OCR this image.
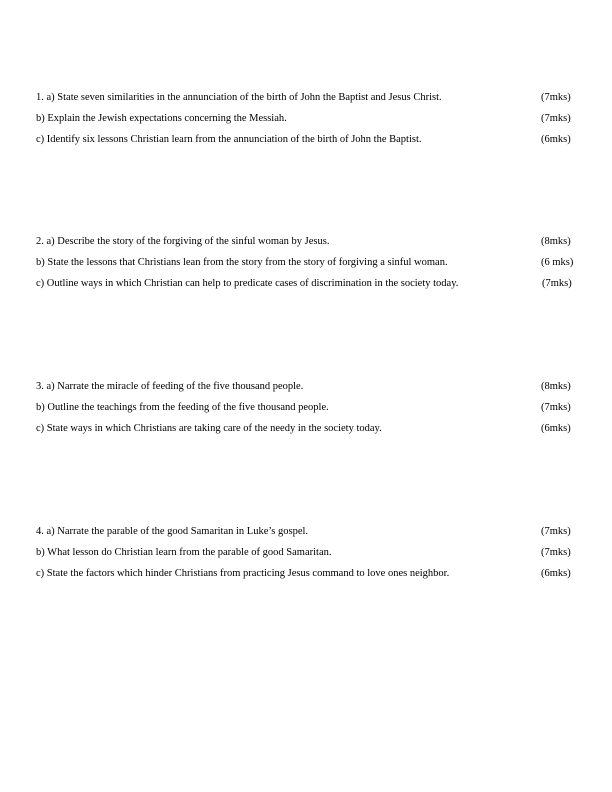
1. a) State seven similarities in the annunciation of the birth of John the Baptist and Jesus Christ.	(7mks)
b) Explain the Jewish expectations concerning the Messiah.	(7mks)
c) Identify six lessons Christian learn from the annunciation of the birth of John the Baptist.	(6mks)
2. a) Describe the story of the forgiving of the sinful woman by Jesus.	(8mks)
b) State the lessons that Christians lean from the story from the story of forgiving a sinful woman.	(6 mks)
c) Outline ways in which Christian can help to predicate cases of discrimination in the society today.	(7mks)
3. a) Narrate the miracle of feeding of the five thousand people.	(8mks)
b) Outline the teachings from the feeding of the five thousand people.	(7mks)
c) State ways in which Christians are taking care of the needy in the society today.	(6mks)
4. a) Narrate the parable of the good Samaritan in Luke’s gospel.	(7mks)
b) What lesson do Christian learn from the parable of good Samaritan.	(7mks)
c) State the factors which hinder Christians from practicing Jesus command to love ones neighbor.	(6mks)
